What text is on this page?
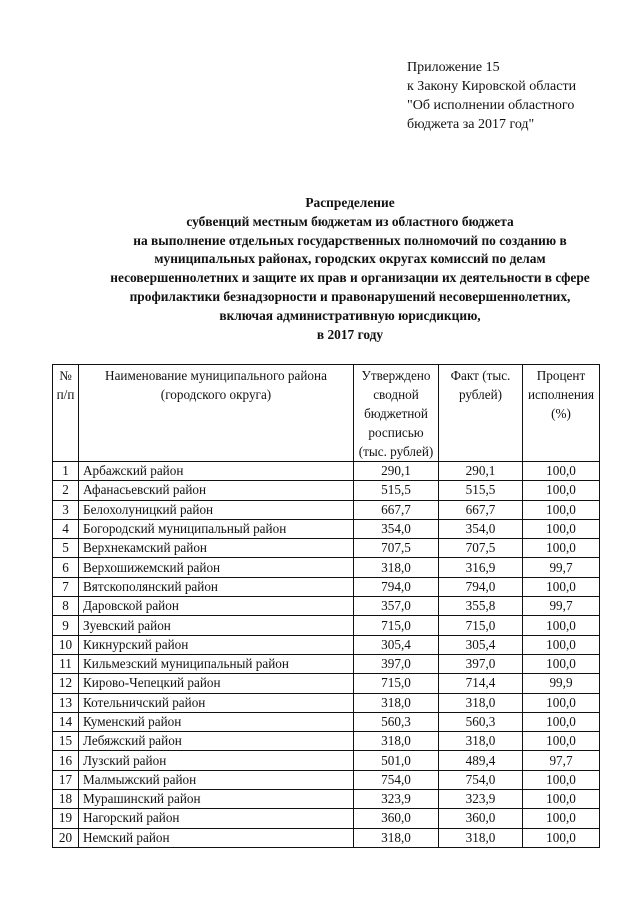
Приложение 15
к Закону Кировской области
"Об исполнении областного
бюджета за 2017 год"
Распределение
субвенций местным бюджетам из областного бюджета
на выполнение отдельных государственных полномочий по созданию в
муниципальных районах, городских округах комиссий по делам
несовершеннолетних и защите их прав и организации их деятельности в сфере
профилактики безнадзорности и правонарушений несовершеннолетних,
включая административную юрисдикцию,
в 2017 году
№ п/п	Наименование муниципального района (городского округа)	Утверждено сводной бюджетной росписью (тыс. рублей)	Факт (тыс. рублей)	Процент исполнения (%)
1	Арбажский район	290,1	290,1	100,0
2	Афанасьевский район	515,5	515,5	100,0
3	Белохолуницкий район	667,7	667,7	100,0
4	Богородский муниципальный район	354,0	354,0	100,0
5	Верхнекамский район	707,5	707,5	100,0
6	Верхошижемский район	318,0	316,9	99,7
7	Вятскополянский район	794,0	794,0	100,0
8	Даровской район	357,0	355,8	99,7
9	Зуевский район	715,0	715,0	100,0
10	Кикнурский район	305,4	305,4	100,0
11	Кильмезский муниципальный район	397,0	397,0	100,0
12	Кирово-Чепецкий район	715,0	714,4	99,9
13	Котельничский район	318,0	318,0	100,0
14	Куменский район	560,3	560,3	100,0
15	Лебяжский район	318,0	318,0	100,0
16	Лузский район	501,0	489,4	97,7
17	Малмыжский район	754,0	754,0	100,0
18	Мурашинский район	323,9	323,9	100,0
19	Нагорский район	360,0	360,0	100,0
20	Немский район	318,0	318,0	100,0
